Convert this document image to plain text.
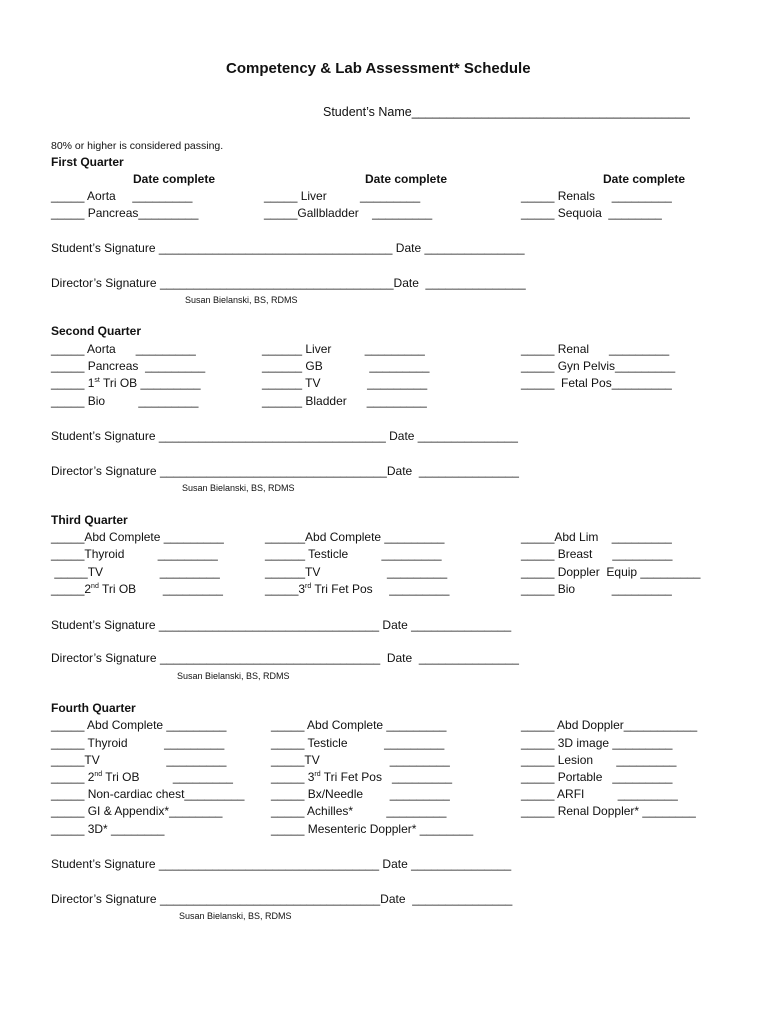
Competency & Lab Assessment* Schedule
Student’s Name________________________________________
80% or higher is considered passing.
First Quarter
Date complete	Date complete	Date complete
_____ Aorta     _________
_____ Pancreas_________
_____ Liver          _________
_____Gallbladder    _________
_____ Renals     _________
_____ Sequoia  ________
Student’s Signature ___________________________________ Date _______________
Director’s Signature ___________________________________Date  _______________
Susan Bielanski, BS, RDMS
Second Quarter
_____ Aorta      _________
_____ Pancreas  _________
_____ 1st Tri OB _________
_____ Bio          _________
______ Liver          _________
______ GB              _________
______ TV              _________
______ Bladder      _________
_____ Renal      _________
_____ Gyn Pelvis_________
_____  Fetal Pos_________
Student’s Signature __________________________________ Date _______________
Director’s Signature __________________________________Date  _______________
Susan Bielanski, BS, RDMS
Third Quarter
_____Abd Complete _________
_____Thyroid          _________
_____TV                 _________
_____2nd Tri OB        _________
______Abd Complete _________
______ Testicle          _________
______TV                    _________
_____3rd Tri Fet Pos     _________
_____Abd Lim    _________
_____ Breast      _________
_____ Doppler  Equip _________
_____ Bio           _________
Student’s Signature _________________________________ Date _______________
Director’s Signature _________________________________  Date  _______________
Susan Bielanski, BS, RDMS
Fourth Quarter
_____ Abd Complete _________
_____ Thyroid           _________
_____TV                    _________
_____ 2nd Tri OB          _________
_____ Non-cardiac chest_________
_____ GI & Appendix*________
_____ 3D* ________
_____ Abd Complete _________
_____ Testicle           _________
_____TV                     _________
_____ 3rd Tri Fet Pos   _________
_____ Bx/Needle        _________
_____ Achilles*          _________
_____ Mesenteric Doppler* ________
_____ Abd Doppler___________
_____ 3D image _________
_____ Lesion       _________
_____ Portable   _________
_____ ARFI          _________
_____ Renal Doppler* ________
Student’s Signature _________________________________ Date _______________
Director’s Signature _________________________________Date  _______________
Susan Bielanski, BS, RDMS
